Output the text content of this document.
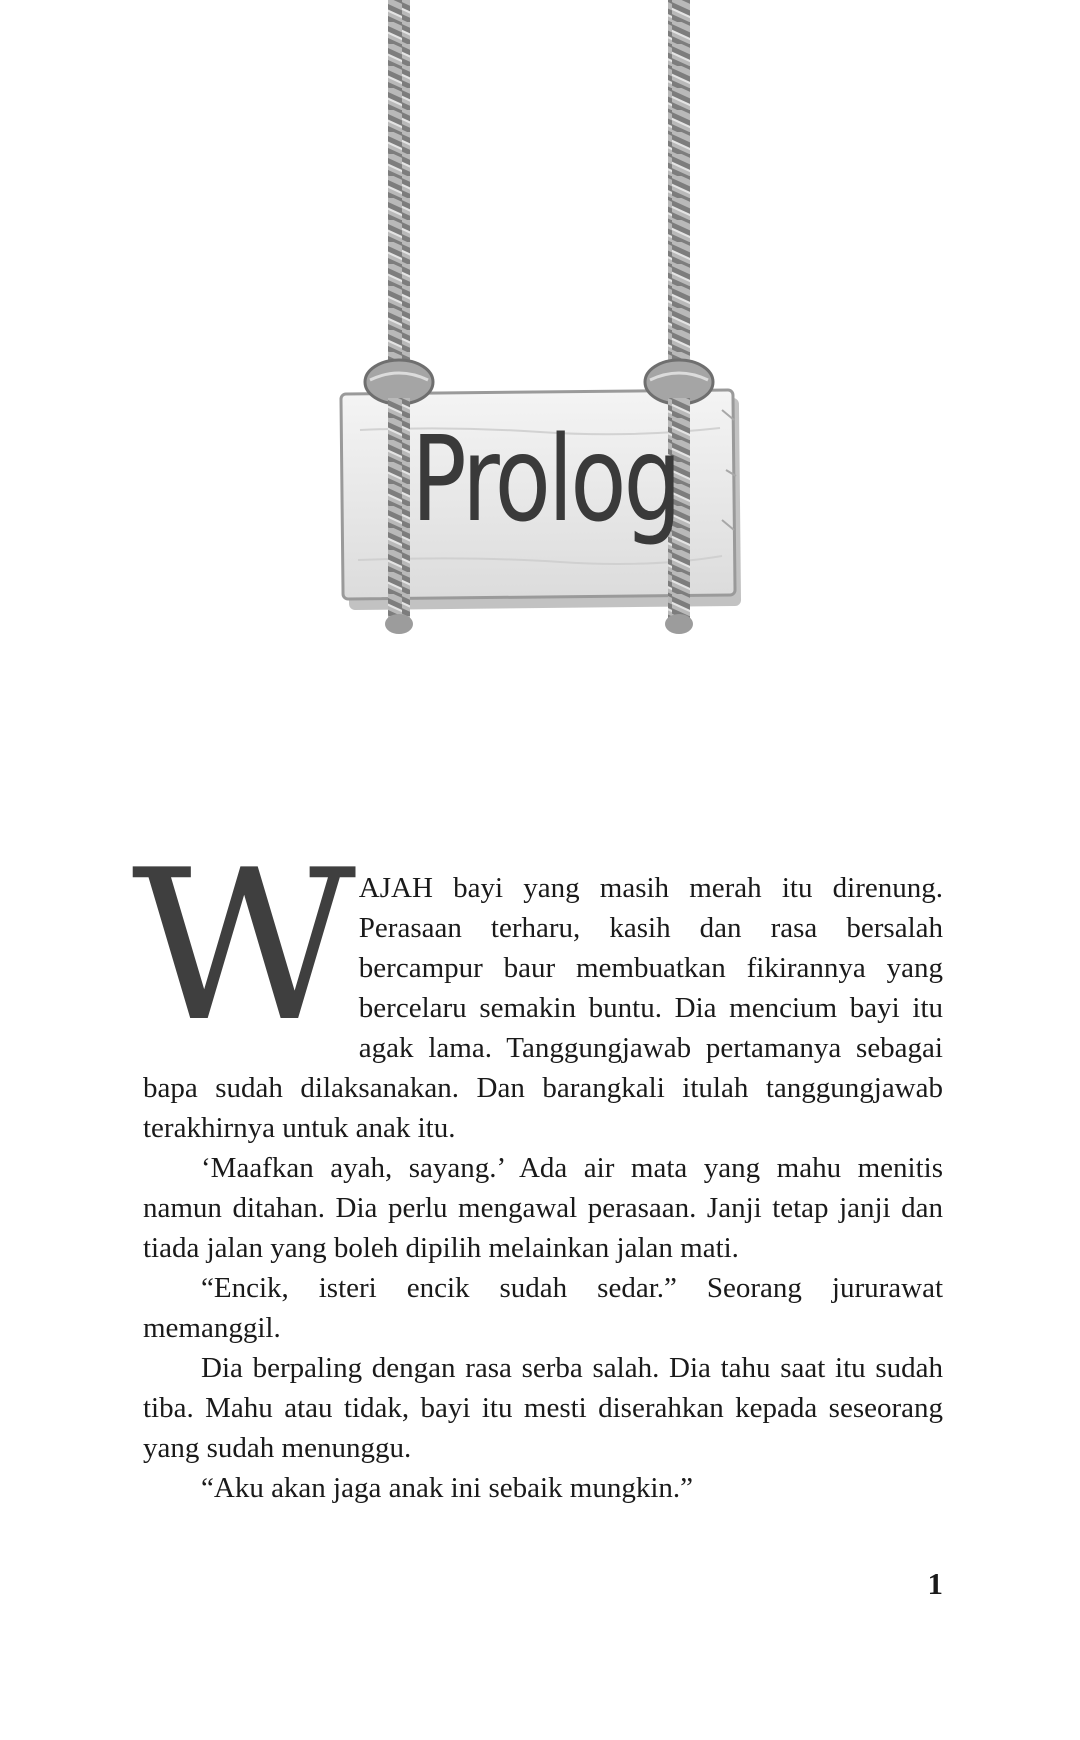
Prolog

WAJAH bayi yang masih merah itu direnung. Perasaan terharu, kasih dan rasa bersalah bercampur baur membuatkan fikirannya yang bercelaru semakin buntu. Dia mencium bayi itu agak lama. Tanggungjawab pertamanya sebagai bapa sudah dilaksanakan. Dan barangkali itulah tanggungjawab terakhirnya untuk anak itu.

‘Maafkan ayah, sayang.’ Ada air mata yang mahu menitis namun ditahan. Dia perlu mengawal perasaan. Janji tetap janji dan tiada jalan yang boleh dipilih melainkan jalan mati.

“Encik, isteri encik sudah sedar.” Seorang jururawat memanggil.

Dia berpaling dengan rasa serba salah. Dia tahu saat itu sudah tiba. Mahu atau tidak, bayi itu mesti diserahkan kepada seseorang yang sudah menunggu.

“Aku akan jaga anak ini sebaik mungkin.”

1
